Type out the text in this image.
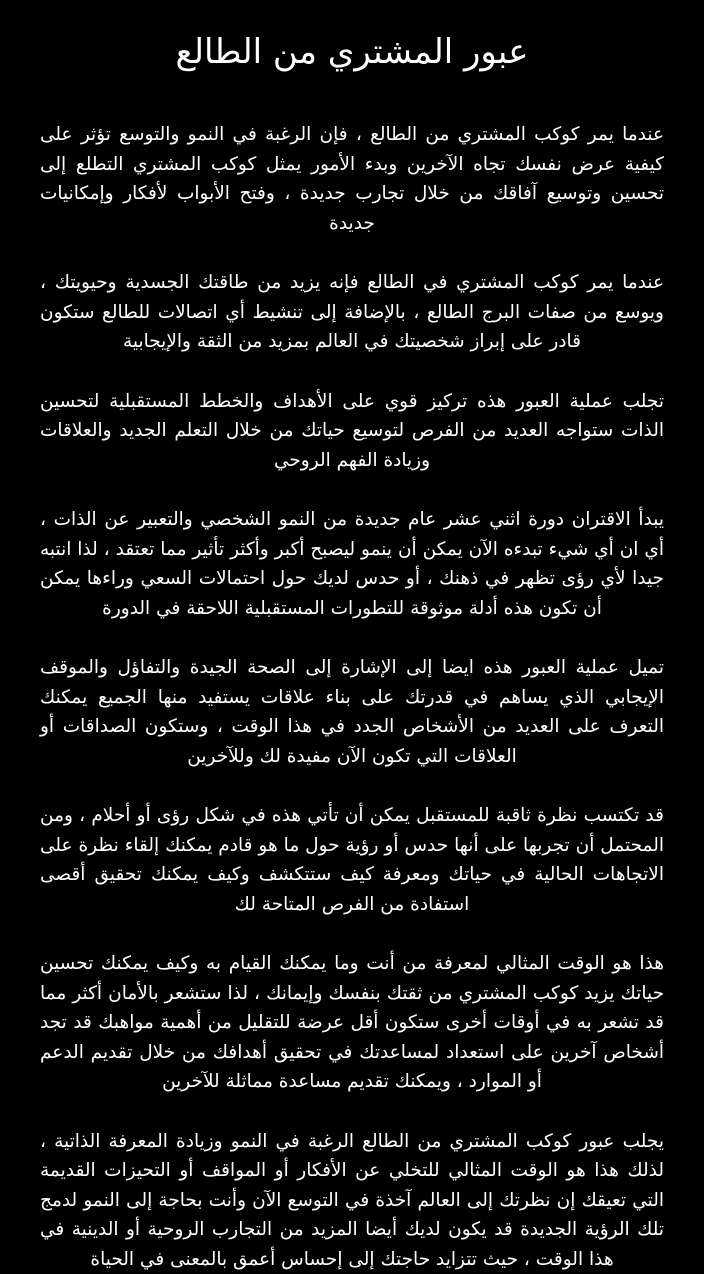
عبور المشتري من الطالع

عندما يمر كوكب المشتري من الطالع ، فإن الرغبة في النمو والتوسع تؤثر على كيفية عرض نفسك تجاه الآخرين وبدء الأمور يمثل كوكب المشتري التطلع إلى تحسين وتوسيع آفاقك من خلال تجارب جديدة ، وفتح الأبواب لأفكار وإمكانيات جديدة

عندما يمر كوكب المشتري في الطالع فإنه يزيد من طاقتك الجسدية وحيويتك ، ويوسع من صفات البرج الطالع ، بالإضافة إلى تنشيط أي اتصالات للطالع ستكون قادر على إبراز شخصيتك في العالم بمزيد من الثقة والإيجابية

تجلب عملية العبور هذه تركيز قوي على الأهداف والخطط المستقبلية لتحسين الذات ستواجه العديد من الفرص لتوسيع حياتك من خلال التعلم الجديد والعلاقات وزيادة الفهم الروحي

يبدأ الاقتران دورة اثني عشر عام جديدة من النمو الشخصي والتعبير عن الذات ، أي ان أي شيء تبدءه الآن يمكن أن ينمو ليصبح أكبر وأكثر تأثير مما تعتقد ، لذا انتبه جيدا لأي رؤى تظهر في ذهنك ، أو حدس لديك حول احتمالات السعي وراءها يمكن أن تكون هذه أدلة موثوقة للتطورات المستقبلية اللاحقة في الدورة

تميل عملية العبور هذه ايضا إلى الإشارة إلى الصحة الجيدة والتفاؤل والموقف الإيجابي الذي يساهم في قدرتك على بناء علاقات يستفيد منها الجميع يمكنك التعرف على العديد من الأشخاص الجدد في هذا الوقت ، وستكون الصداقات أو العلاقات التي تكون الآن مفيدة لك وللآخرين

قد تكتسب نظرة ثاقبة للمستقبل يمكن أن تأتي هذه في شكل رؤى أو أحلام ، ومن المحتمل أن تجربها على أنها حدس أو رؤية حول ما هو قادم يمكنك إلقاء نظرة على الاتجاهات الحالية في حياتك ومعرفة كيف ستتكشف وكيف يمكنك تحقيق أقصى استفادة من الفرص المتاحة لك

هذا هو الوقت المثالي لمعرفة من أنت وما يمكنك القيام به وكيف يمكنك تحسين حياتك يزيد كوكب المشتري من ثقتك بنفسك وإيمانك ، لذا ستشعر بالأمان أكثر مما قد تشعر به في أوقات أخرى ستكون أقل عرضة للتقليل من أهمية مواهبك قد تجد أشخاص آخرين على استعداد لمساعدتك في تحقيق أهدافك من خلال تقديم الدعم أو الموارد ، ويمكنك تقديم مساعدة مماثلة للآخرين

يجلب عبور كوكب المشتري من الطالع الرغبة في النمو وزيادة المعرفة الذاتية ، لذلك هذا هو الوقت المثالي للتخلي عن الأفكار أو المواقف أو التحيزات القديمة التي تعيقك إن نظرتك إلى العالم آخذة في التوسع الآن وأنت بحاجة إلى النمو لدمج تلك الرؤية الجديدة قد يكون لديك أيضا المزيد من التجارب الروحية أو الدينية في هذا الوقت ، حيث تتزايد حاجتك إلى إحساس أعمق بالمعنى في الحياة
